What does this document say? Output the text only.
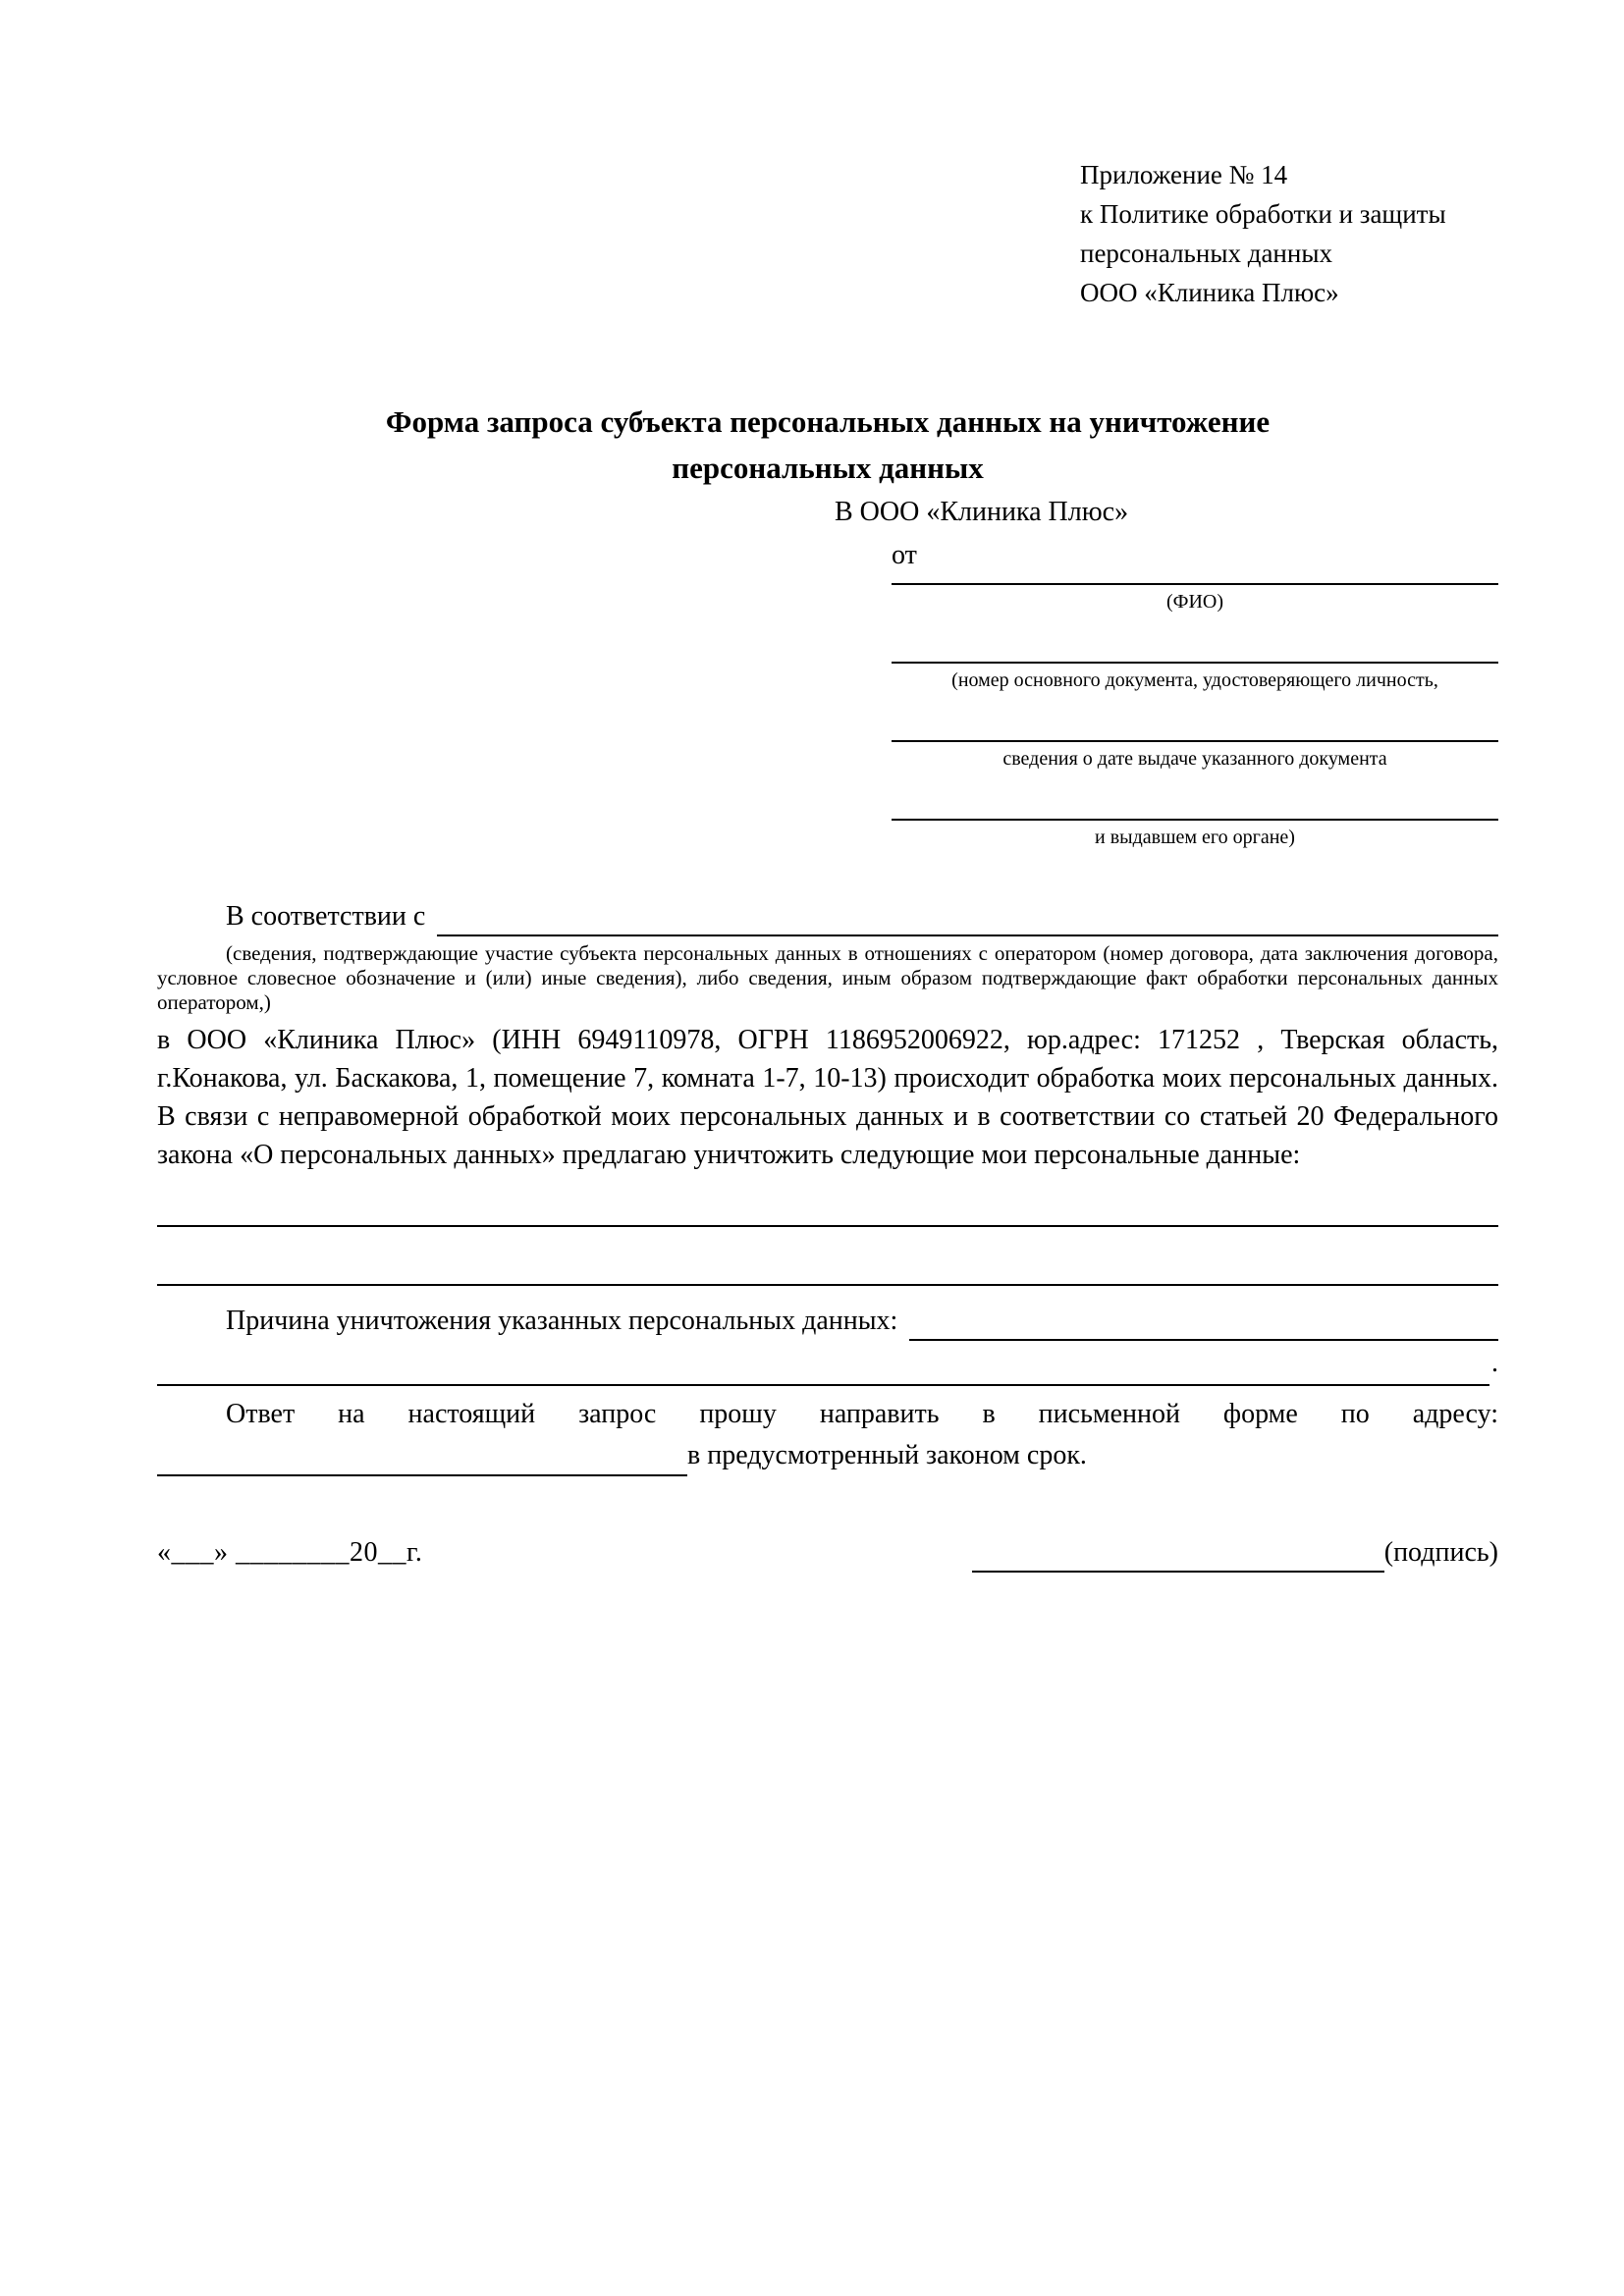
Приложение № 14
к Политике обработки и защиты
персональных данных
ООО «Клиника Плюс»
Форма запроса субъекта персональных данных на уничтожение
персональных данных
В ООО «Клиника Плюс»
от
(ФИО)
(номер основного документа, удостоверяющего личность,
сведения о дате выдаче указанного документа
и выдавшем его органе)
В соответствии с
(сведения, подтверждающие участие субъекта персональных данных в отношениях с оператором (номер договора, дата заключения договора, условное словесное обозначение и (или) иные сведения), либо сведения, иным образом подтверждающие факт обработки персональных данных оператором,)
в ООО «Клиника Плюс» (ИНН 6949110978, ОГРН 1186952006922, юр.адрес: 171252 , Тверская область, г.Конакова, ул. Баскакова, 1, помещение 7, комната 1-7, 10-13) происходит обработка моих персональных данных. В связи с неправомерной обработкой моих персональных данных и в соответствии со статьей 20 Федерального закона «О персональных данных» предлагаю уничтожить следующие мои персональные данные:
Причина уничтожения указанных персональных данных:
.
Ответ на настоящий запрос прошу направить в письменной форме по адресу:
в предусмотренный законом срок.
«___» ________20__г.	(подпись)
